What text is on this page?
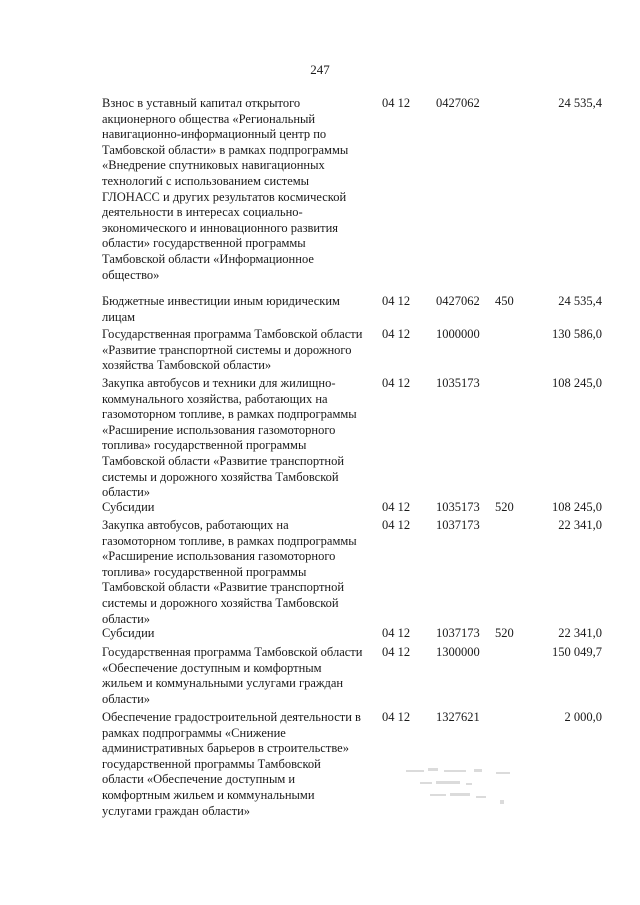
247
Взнос в уставный капитал открытого акционерного общества «Региональный навигационно-информационный центр по Тамбовской области» в рамках подпрограммы «Внедрение спутниковых навигационных технологий с использованием системы ГЛОНАСС и других результатов космической деятельности в интересах социально-экономического и инновационного развития области» государственной программы Тамбовской области «Информационное общество»
04 12 0427062	24 535,4
Бюджетные инвестиции иным юридическим лицам
04 12 0427062 450	24 535,4
Государственная программа Тамбовской области «Развитие транспортной системы и дорожного хозяйства Тамбовской области»
04 12 1000000	130 586,0
Закупка автобусов и техники для жилищно-коммунального хозяйства, работающих на газомоторном топливе, в рамках подпрограммы «Расширение использования газомоторного топлива» государственной программы Тамбовской области «Развитие транспортной системы и дорожного хозяйства Тамбовской области»
04 12 1035173	108 245,0
Субсидии	04 12 1035173 520	108 245,0
Закупка автобусов, работающих на газомоторном топливе, в рамках подпрограммы «Расширение использования газомоторного топлива» государственной программы Тамбовской области «Развитие транспортной системы и дорожного хозяйства Тамбовской области»
04 12 1037173	22 341,0
Субсидии	04 12 1037173 520	22 341,0
Государственная программа Тамбовской области «Обеспечение доступным и комфортным жильем и коммунальными услугами граждан области»
04 12 1300000	150 049,7
Обеспечение градостроительной деятельности в рамках подпрограммы «Снижение административных барьеров в строительстве» государственной программы Тамбовской области «Обеспечение доступным и комфортным жильем и коммунальными услугами граждан области»
04 12 1327621	2 000,0
